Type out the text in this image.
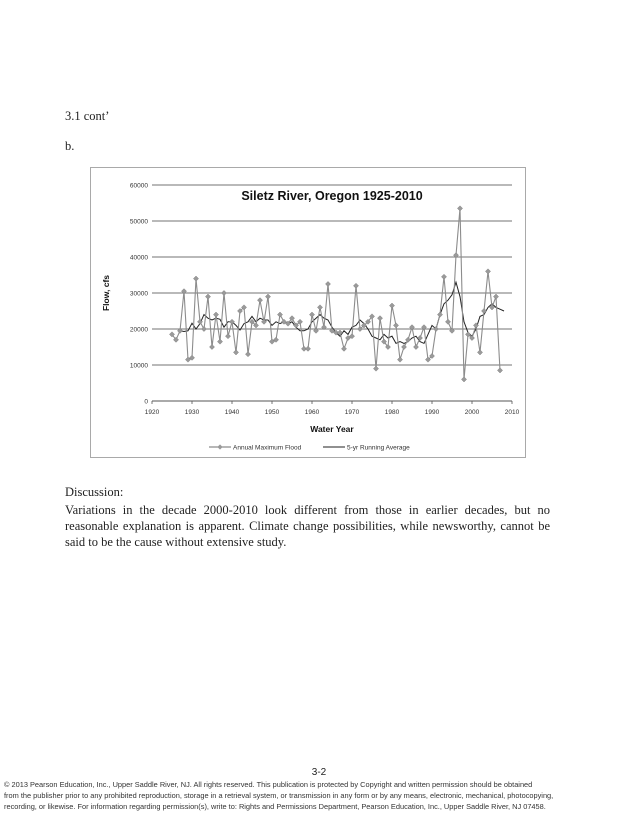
3.1 cont’
b.
0
10000
20000
30000
40000
50000
60000
1920	1930	1940	1950	1960	1970	1980	1990	2000	2010
Siletz River, Oregon 1925-2010
Water Year
Flow, cfs
Annual Maximum Flood	5-yr Running Average
Discussion:
Variations in the decade 2000-2010 look different from those in earlier decades, but no reasonable explanation is apparent. Climate change possibilities, while newsworthy, cannot be said to be the cause without extensive study.
3-2
© 2013 Pearson Education, Inc., Upper Saddle River, NJ. All rights reserved. This publication is protected by Copyright and written permission should be obtained
from the publisher prior to any prohibited reproduction, storage in a retrieval system, or transmission in any form or by any means, electronic, mechanical, photocopying,
recording, or likewise. For information regarding permission(s), write to: Rights and Permissions Department, Pearson Education, Inc., Upper Saddle River, NJ 07458.
